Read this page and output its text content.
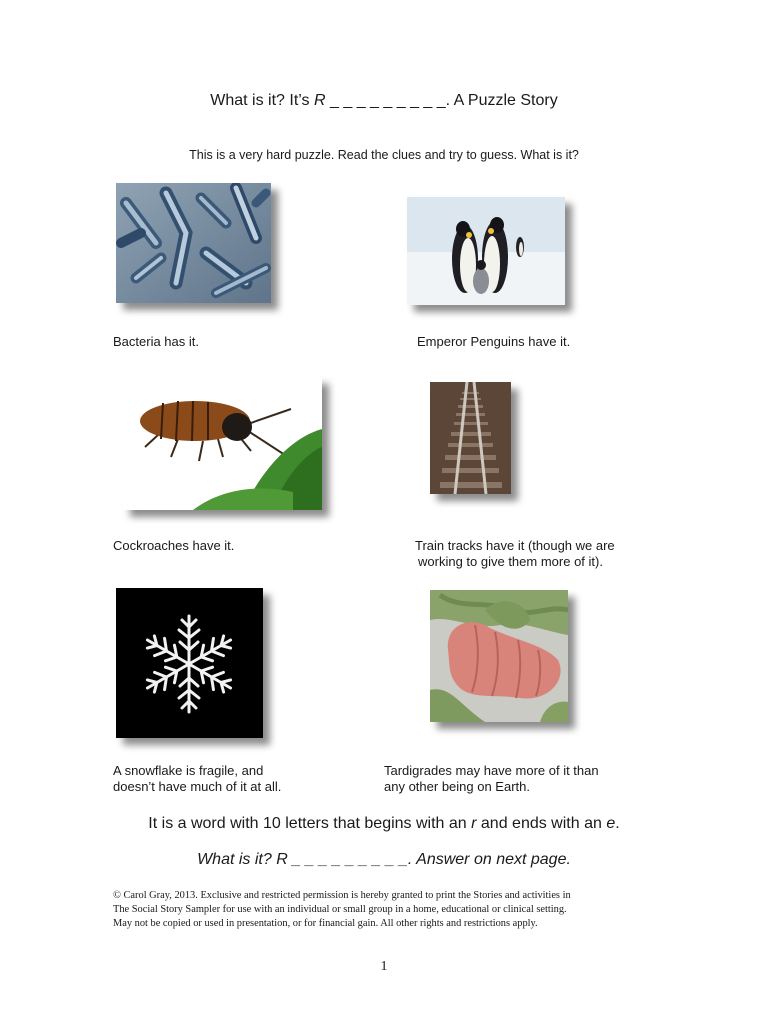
What is it? It’s R _ _ _ _ _ _ _ _ _. A Puzzle Story
This is a very hard puzzle. Read the clues and try to guess. What is it?
Bacteria has it.	Emperor Penguins have it.
Cockroaches have it.	Train tracks have it (though we are
working to give them more of it).
A snowflake is fragile, and
doesn’t have much of it at all.
Tardigrades may have more of it than
any other being on Earth.
It is a word with 10 letters that begins with an r and ends with an e.
What is it? R _ _ _ _ _ _ _ _ _. Answer on next page.
© Carol Gray, 2013. Exclusive and restricted permission is hereby granted to print the Stories and activities in
The Social Story Sampler for use with an individual or small group in a home, educational or clinical setting.
May not be copied or used in presentation, or for financial gain. All other rights and restrictions apply.
1
